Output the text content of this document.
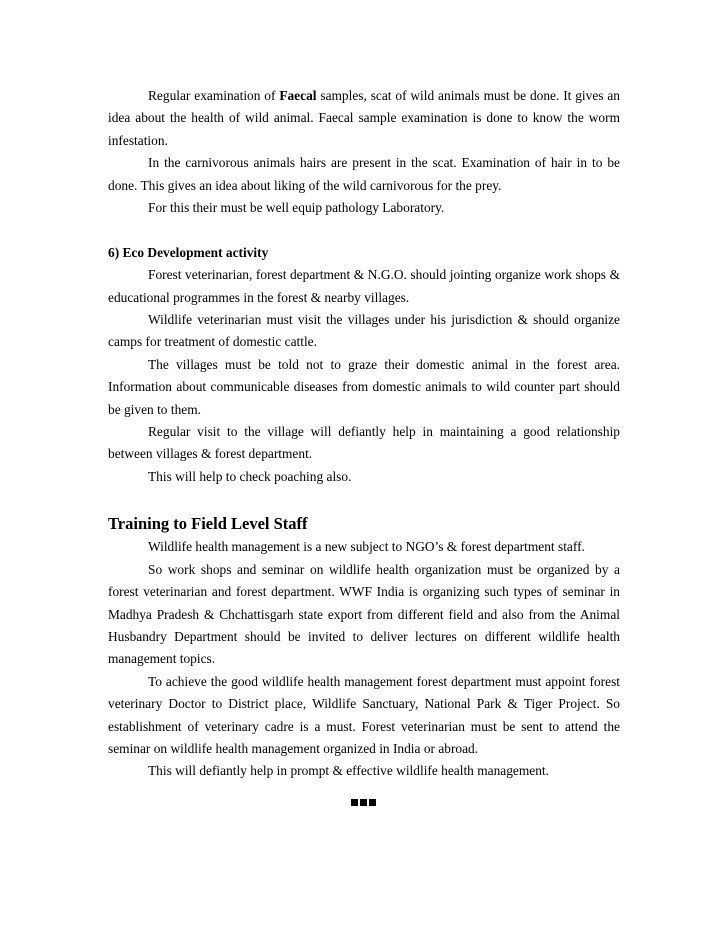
Regular examination of Faecal samples, scat of wild animals must be done. It gives an idea about the health of wild animal. Faecal sample examination is done to know the worm infestation.

In the carnivorous animals hairs are present in the scat. Examination of hair in to be done. This gives an idea about liking of the wild carnivorous for the prey.

For this their must be well equip pathology Laboratory.

6) Eco Development activity

Forest veterinarian, forest department & N.G.O. should jointing organize work shops & educational programmes in the forest & nearby villages.

Wildlife veterinarian must visit the villages under his jurisdiction & should organize camps for treatment of domestic cattle.

The villages must be told not to graze their domestic animal in the forest area. Information about communicable diseases from domestic animals to wild counter part should be given to them.

Regular visit to the village will defiantly help in maintaining a good relationship between villages & forest department.

This will help to check poaching also.

Training to Field Level Staff

Wildlife health management is a new subject to NGO’s & forest department staff.

So work shops and seminar on wildlife health organization must be organized by a forest veterinarian and forest department. WWF India is organizing such types of seminar in Madhya Pradesh & Chchattisgarh state export from different field and also from the Animal Husbandry Department should be invited to deliver lectures on different wildlife health management topics.

To achieve the good wildlife health management forest department must appoint forest veterinary Doctor to District place, Wildlife Sanctuary, National Park & Tiger Project. So establishment of veterinary cadre is a must. Forest veterinarian must be sent to attend the seminar on wildlife health management organized in India or abroad.

This will defiantly help in prompt & effective wildlife health management.
